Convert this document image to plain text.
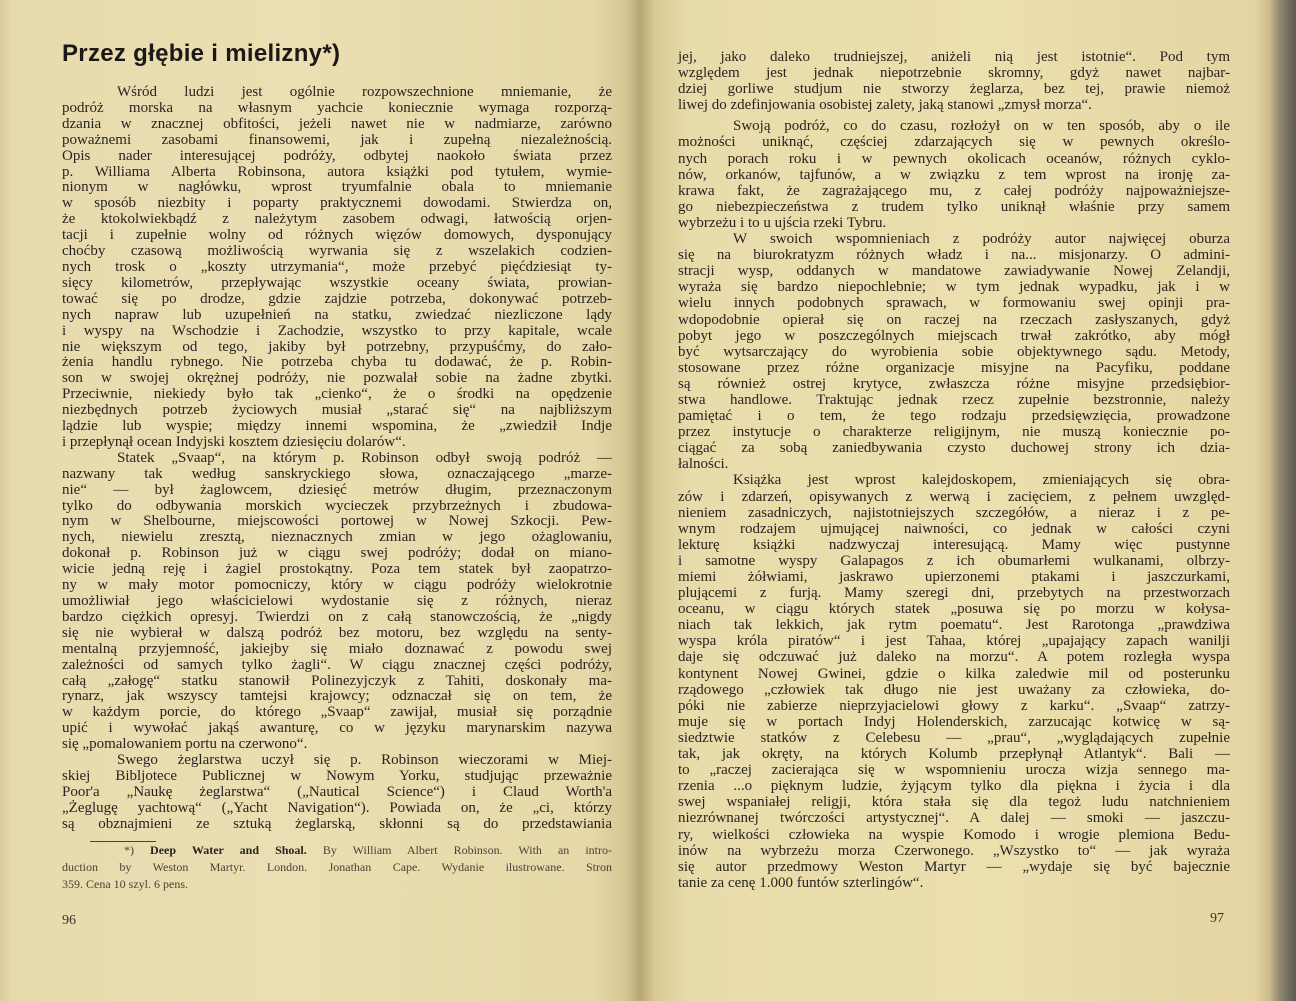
Przez głębie i mielizny*)
Wśród ludzi jest ogólnie rozpowszechnione mniemanie, że
podróż morska na własnym yachcie koniecznie wymaga rozporzą-
dzania w znacznej obfitości, jeżeli nawet nie w nadmiarze, zarówno
poważnemi zasobami finansowemi, jak i zupełną niezależnością.
Opis nader interesującej podróży, odbytej naokoło świata przez
p. Williama Alberta Robinsona, autora książki pod tytułem, wymie-
nionym w nagłówku, wprost tryumfalnie obala to mniemanie
w sposób niezbity i poparty praktycznemi dowodami. Stwierdza on,
że ktokolwiekbądź z należytym zasobem odwagi, łatwością orjen-
tacji i zupełnie wolny od różnych więzów domowych, dysponujący
choćby czasową możliwością wyrwania się z wszelakich codzien-
nych trosk o „koszty utrzymania“, może przebyć pięćdziesiąt ty-
sięcy kilometrów, przepływając wszystkie oceany świata, prowian-
tować się po drodze, gdzie zajdzie potrzeba, dokonywać potrzeb-
nych napraw lub uzupełnień na statku, zwiedzać niezliczone lądy
i wyspy na Wschodzie i Zachodzie, wszystko to przy kapitale, wcale
nie większym od tego, jakiby był potrzebny, przypuśćmy, do zało-
żenia handlu rybnego. Nie potrzeba chyba tu dodawać, że p. Robin-
son w swojej okrężnej podróży, nie pozwalał sobie na żadne zbytki.
Przeciwnie, niekiedy było tak „cienko“, że o środki na opędzenie
niezbędnych potrzeb życiowych musiał „starać się“ na najbliższym
lądzie lub wyspie; między innemi wspomina, że „zwiedził Indje
i przepłynął ocean Indyjski kosztem dziesięciu dolarów“.
Statek „Svaap“, na którym p. Robinson odbył swoją podróż —
nazwany tak według sanskryckiego słowa, oznaczającego „marze-
nie“ — był żaglowcem, dziesięć metrów długim, przeznaczonym
tylko do odbywania morskich wycieczek przybrzeżnych i zbudowa-
nym w Shelbourne, miejscowości portowej w Nowej Szkocji. Pew-
nych, niewielu zresztą, nieznacznych zmian w jego ożaglowaniu,
dokonał p. Robinson już w ciągu swej podróży; dodał on miano-
wicie jedną reję i żagiel prostokątny. Poza tem statek był zaopatrzo-
ny w mały motor pomocniczy, który w ciągu podróży wielokrotnie
umożliwiał jego właścicielowi wydostanie się z różnych, nieraz
bardzo ciężkich opresyj. Twierdzi on z całą stanowczością, że „nigdy
się nie wybierał w dalszą podróż bez motoru, bez względu na senty-
mentalną przyjemność, jakiejby się miało doznawać z powodu swej
zależności od samych tylko żagli“. W ciągu znacznej części podróży,
całą „załogę“ statku stanowił Polinezyjczyk z Tahiti, doskonały ma-
rynarz, jak wszyscy tamtejsi krajowcy; odznaczał się on tem, że
w każdym porcie, do którego „Svaap“ zawijał, musiał się porządnie
upić i wywołać jakąś awanturę, co w języku marynarskim nazywa
się „pomalowaniem portu na czerwono“.
Swego żeglarstwa uczył się p. Robinson wieczorami w Miej-
skiej Bibljotece Publicznej w Nowym Yorku, studjując przeważnie
Poor'a „Naukę żeglarstwa“ („Nautical Science“) i Claud Worth'a
„Żeglugę yachtową“ („Yacht Navigation“). Powiada on, że „ci, którzy
są obznajmieni ze sztuką żeglarską, skłonni są do przedstawiania
*) Deep Water and Shoal. By William Albert Robinson. With an intro-
duction by Weston Martyr. London. Jonathan Cape. Wydanie ilustrowane. Stron
359. Cena 10 szyl. 6 pens.
96
jej, jako daleko trudniejszej, aniżeli nią jest istotnie“. Pod tym
względem jest jednak niepotrzebnie skromny, gdyż nawet najbar-
dziej gorliwe studjum nie stworzy żeglarza, bez tej, prawie niemoż
liwej do zdefinjowania osobistej zalety, jaką stanowi „zmysł morza“.
Swoją podróż, co do czasu, rozłożył on w ten sposób, aby o ile
możności uniknąć, częściej zdarzających się w pewnych określo-
nych porach roku i w pewnych okolicach oceanów, różnych cyklo-
nów, orkanów, tajfunów, a w związku z tem wprost na ironję za-
krawa fakt, że zagrażającego mu, z całej podróży najpoważniejsze-
go niebezpieczeństwa z trudem tylko uniknął właśnie przy samem
wybrzeżu i to u ujścia rzeki Tybru.
W swoich wspomnieniach z podróży autor najwięcej oburza
się na biurokratyzm różnych władz i na... misjonarzy. O admini-
stracji wysp, oddanych w mandatowe zawiadywanie Nowej Zelandji,
wyraża się bardzo niepochlebnie; w tym jednak wypadku, jak i w
wielu innych podobnych sprawach, w formowaniu swej opinji pra-
wdopodobnie opierał się on raczej na rzeczach zasłyszanych, gdyż
pobyt jego w poszczególnych miejscach trwał zakrótko, aby mógł
być wytsarczający do wyrobienia sobie objektywnego sądu. Metody,
stosowane przez różne organizacje misyjne na Pacyfiku, poddane
są również ostrej krytyce, zwłaszcza różne misyjne przedsiębior-
stwa handlowe. Traktując jednak rzecz zupełnie bezstronnie, należy
pamiętać i o tem, że tego rodzaju przedsięwzięcia, prowadzone
przez instytucje o charakterze religijnym, nie muszą koniecznie po-
ciągać za sobą zaniedbywania czysto duchowej strony ich dzia-
łalności.
Książka jest wprost kalejdoskopem, zmieniających się obra-
zów i zdarzeń, opisywanych z werwą i zacięciem, z pełnem uwzględ-
nieniem zasadniczych, najistotniejszych szczegółów, a nieraz i z pe-
wnym rodzajem ujmującej naiwności, co jednak w całości czyni
lekturę książki nadzwyczaj interesującą. Mamy więc pustynne
i samotne wyspy Galapagos z ich obumarłemi wulkanami, olbrzy-
miemi żółwiami, jaskrawo upierzonemi ptakami i jaszczurkami,
plującemi z furją. Mamy szeregi dni, przebytych na przestworzach
oceanu, w ciągu których statek „posuwa się po morzu w kołysa-
niach tak lekkich, jak rytm poematu“. Jest Rarotonga „prawdziwa
wyspa króla piratów“ i jest Tahaa, której „upajający zapach wanilji
daje się odczuwać już daleko na morzu“. A potem rozległa wyspa
kontynent Nowej Gwinei, gdzie o kilka zaledwie mil od posterunku
rządowego „człowiek tak długo nie jest uważany za człowieka, do-
póki nie zabierze nieprzyjacielowi głowy z karku“. „Svaap“ zatrzy-
muje się w portach Indyj Holenderskich, zarzucając kotwicę w są-
siedztwie statków z Celebesu — „prau“, „wyglądających zupełnie
tak, jak okręty, na których Kolumb przepłynął Atlantyk“. Bali —
to „raczej zacierająca się w wspomnieniu urocza wizja sennego ma-
rzenia ...o pięknym ludzie, żyjącym tylko dla piękna i życia i dla
swej wspaniałej religji, która stała się dla tegoż ludu natchnieniem
niezrównanej twórczości artystycznej“. A dalej — smoki — jaszczu-
ry, wielkości człowieka na wyspie Komodo i wrogie plemiona Bedu-
inów na wybrzeżu morza Czerwonego. „Wszystko to“ — jak wyraża
się autor przedmowy Weston Martyr — „wydaje się być bajecznie
tanie za cenę 1.000 funtów szterlingów“.
97
